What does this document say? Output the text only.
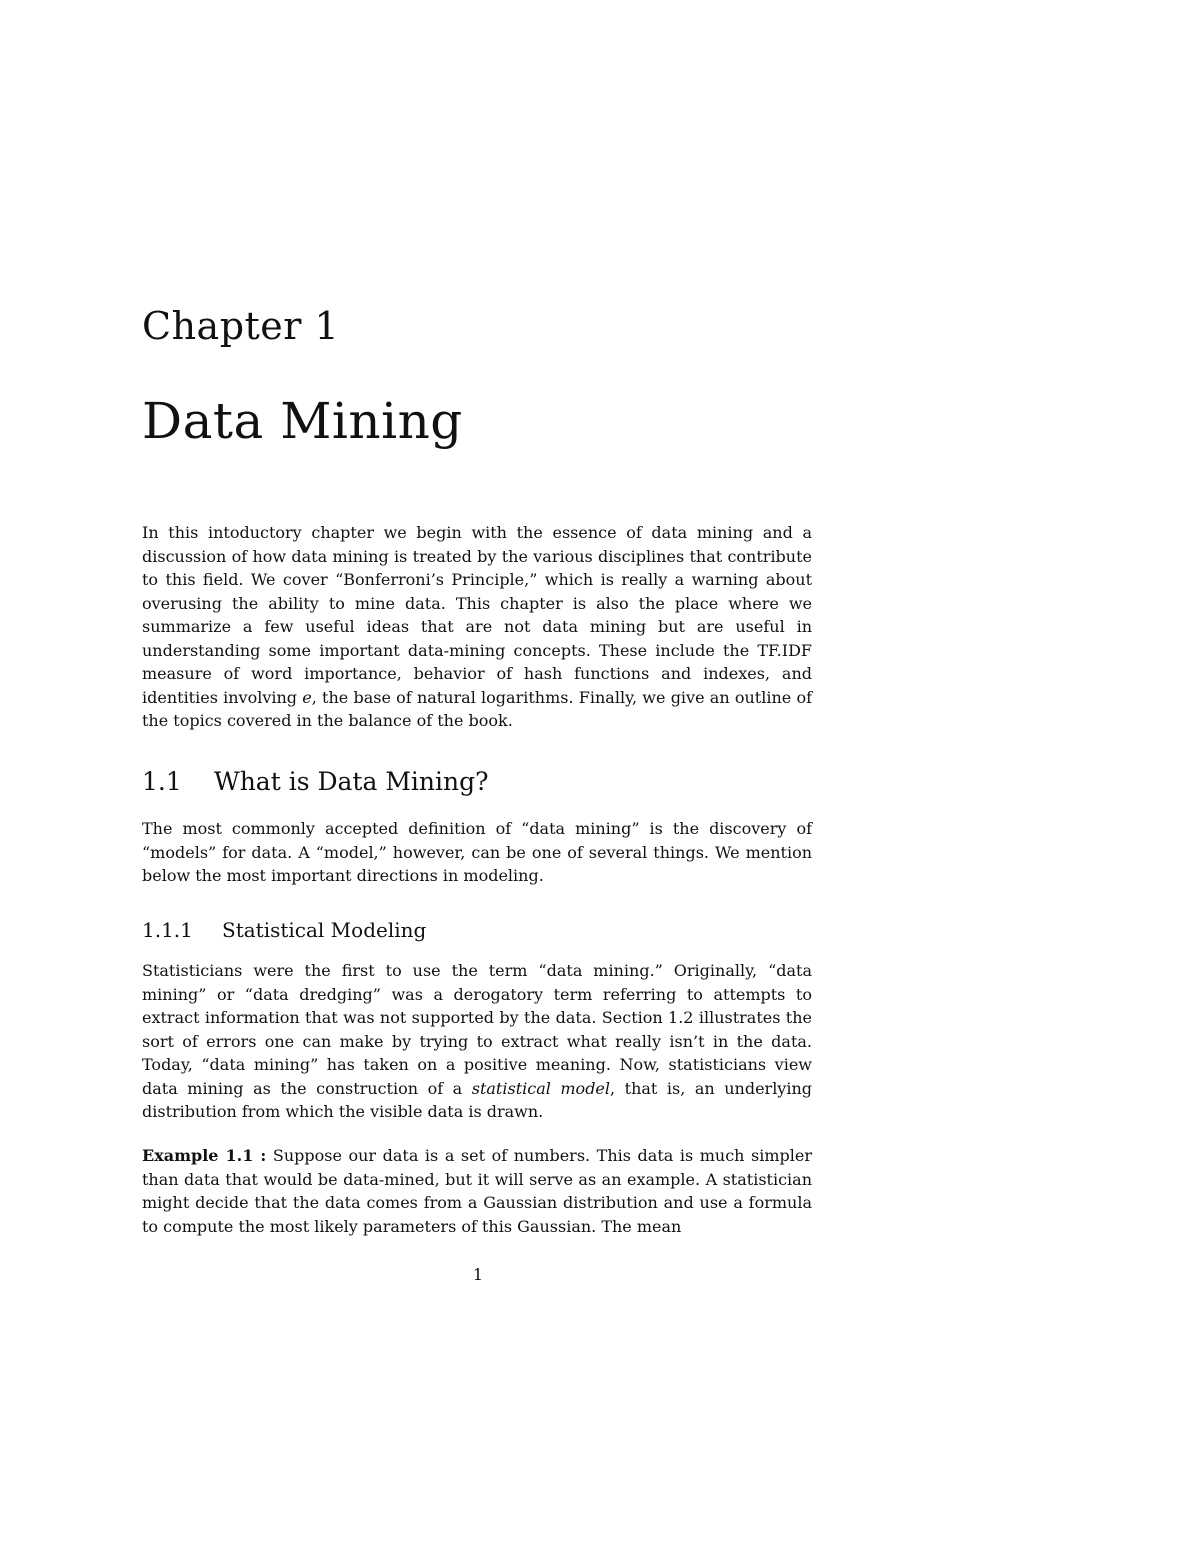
Chapter 1
Data Mining

In this intoductory chapter we begin with the essence of data mining and a discussion of how data mining is treated by the various disciplines that contribute to this field. We cover “Bonferroni’s Principle,” which is really a warning about overusing the ability to mine data. This chapter is also the place where we summarize a few useful ideas that are not data mining but are useful in understanding some important data-mining concepts. These include the TF.IDF measure of word importance, behavior of hash functions and indexes, and identities involving e, the base of natural logarithms. Finally, we give an outline of the topics covered in the balance of the book.

1.1 What is Data Mining?

The most commonly accepted definition of “data mining” is the discovery of “models” for data. A “model,” however, can be one of several things. We mention below the most important directions in modeling.

1.1.1 Statistical Modeling

Statisticians were the first to use the term “data mining.” Originally, “data mining” or “data dredging” was a derogatory term referring to attempts to extract information that was not supported by the data. Section 1.2 illustrates the sort of errors one can make by trying to extract what really isn’t in the data. Today, “data mining” has taken on a positive meaning. Now, statisticians view data mining as the construction of a statistical model, that is, an underlying distribution from which the visible data is drawn.

Example 1.1 : Suppose our data is a set of numbers. This data is much simpler than data that would be data-mined, but it will serve as an example. A statistician might decide that the data comes from a Gaussian distribution and use a formula to compute the most likely parameters of this Gaussian. The mean

1
